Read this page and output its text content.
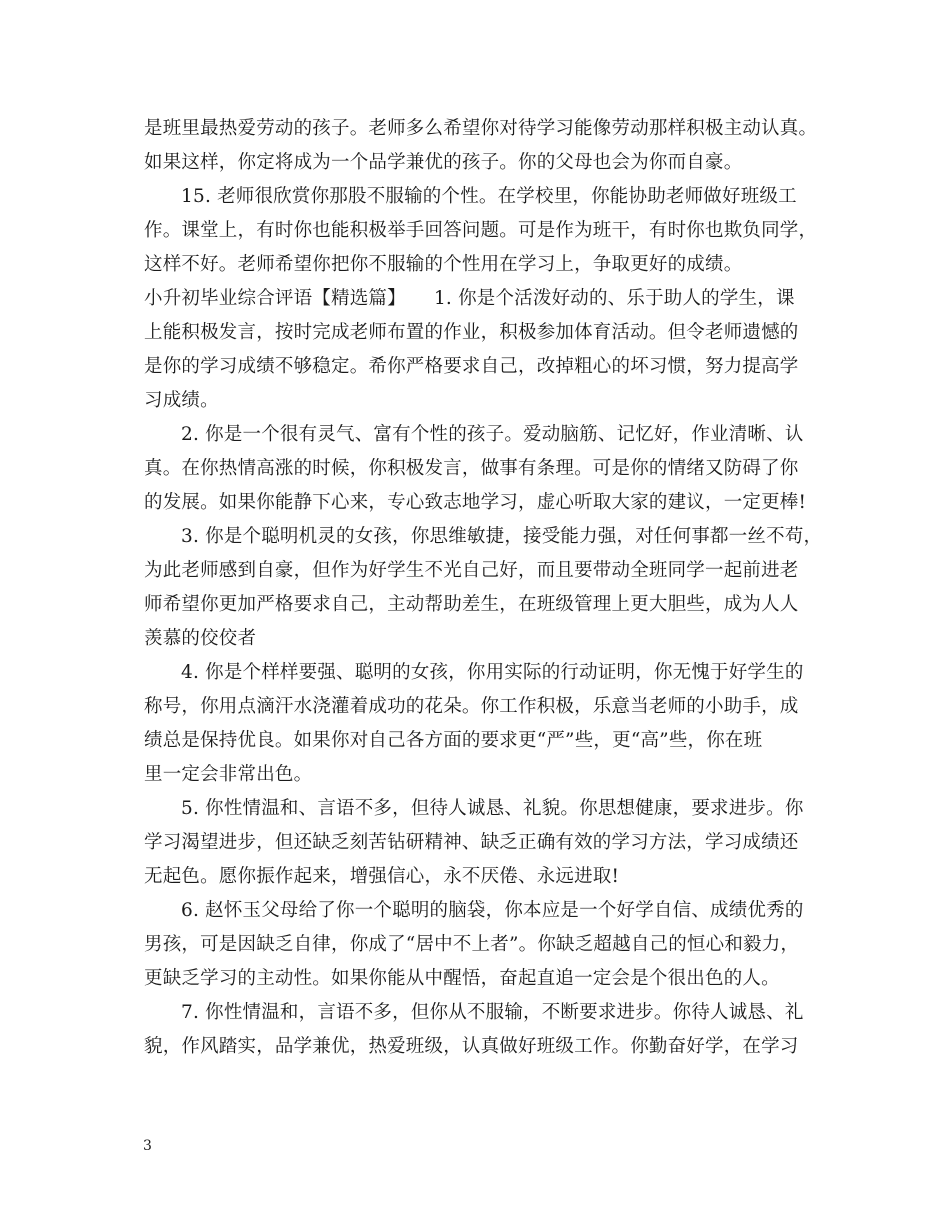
是班里最热爱劳动的孩子。老师多么希望你对待学习能像劳动那样积极主动认真。
如果这样，你定将成为一个品学兼优的孩子。你的父母也会为你而自豪。
15. 老师很欣赏你那股不服输的个性。在学校里，你能协助老师做好班级工
作。课堂上，有时你也能积极举手回答问题。可是作为班干，有时你也欺负同学，
这样不好。老师希望你把你不服输的个性用在学习上，争取更好的成绩。
小升初毕业综合评语【精选篇】　　1. 你是个活泼好动的、乐于助人的学生，课
上能积极发言，按时完成老师布置的作业，积极参加体育活动。但令老师遗憾的
是你的学习成绩不够稳定。希你严格要求自己，改掉粗心的坏习惯，努力提高学
习成绩。
2. 你是一个很有灵气、富有个性的孩子。爱动脑筋、记忆好，作业清晰、认
真。在你热情高涨的时候，你积极发言，做事有条理。可是你的情绪又防碍了你
的发展。如果你能静下心来，专心致志地学习，虚心听取大家的建议，一定更棒!
3. 你是个聪明机灵的女孩，你思维敏捷，接受能力强，对任何事都一丝不苟，
为此老师感到自豪，但作为好学生不光自己好，而且要带动全班同学一起前进老
师希望你更加严格要求自己，主动帮助差生，在班级管理上更大胆些，成为人人
羡慕的佼佼者
4. 你是个样样要强、聪明的女孩，你用实际的行动证明，你无愧于好学生的
称号，你用点滴汗水浇灌着成功的花朵。你工作积极，乐意当老师的小助手，成
绩总是保持优良。如果你对自己各方面的要求更“严”些，更“高”些，你在班
里一定会非常出色。
5. 你性情温和、言语不多，但待人诚恳、礼貌。你思想健康，要求进步。你
学习渴望进步，但还缺乏刻苦钻研精神、缺乏正确有效的学习方法，学习成绩还
无起色。愿你振作起来，增强信心，永不厌倦、永远进取!
6. 赵怀玉父母给了你一个聪明的脑袋，你本应是一个好学自信、成绩优秀的
男孩，可是因缺乏自律，你成了“居中不上者”。你缺乏超越自己的恒心和毅力，
更缺乏学习的主动性。如果你能从中醒悟，奋起直追一定会是个很出色的人。
7. 你性情温和，言语不多，但你从不服输，不断要求进步。你待人诚恳、礼
貌，作风踏实，品学兼优，热爱班级，认真做好班级工作。你勤奋好学，在学习
3
